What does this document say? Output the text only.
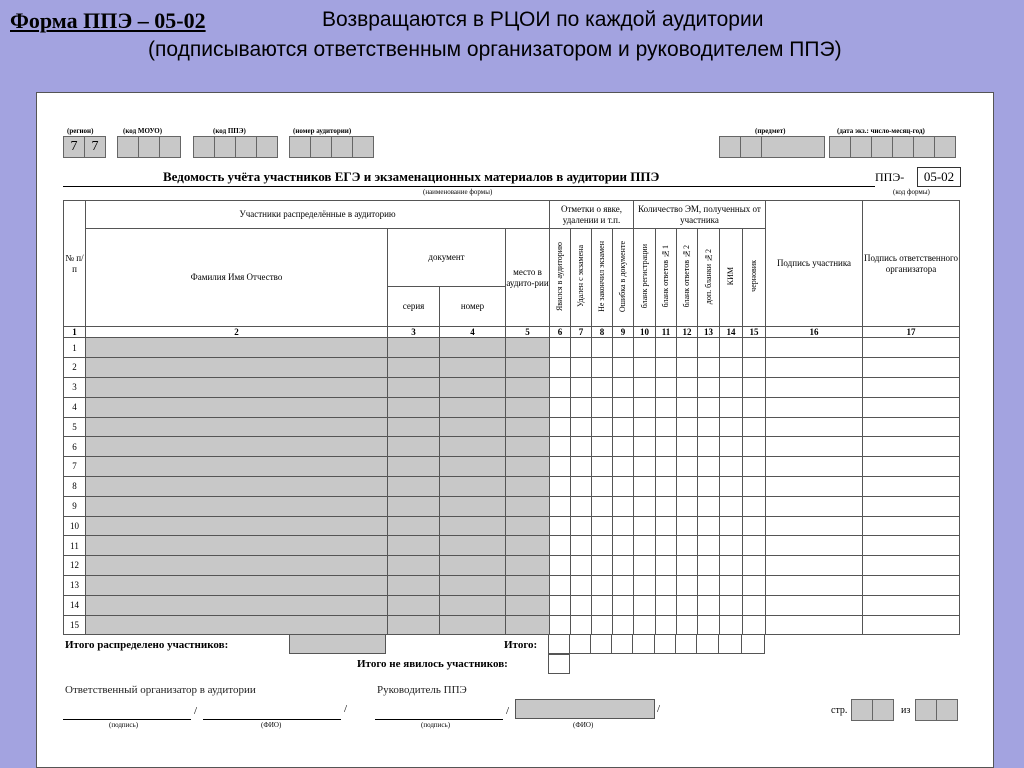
Форма ППЭ – 05-02	Возвращаются в РЦОИ по каждой аудитории
(подписываются ответственным организатором и руководителем ППЭ)
(регион)	(код МОУО)	(код ППЭ)	(номер аудитории)	(предмет)	(дата экз.: число-месяц-год)
7	7
Ведомость учёта участников ЕГЭ и экзаменационных материалов в аудитории ППЭ
(наименование формы)
ППЭ-	05-02
(код формы)
№ п/п	Участники распределённые в аудиторию				Отметки о явке, удалении и т.п.				Количество ЭМ, полученных от участника						Подпись участника	Подпись ответственного организатора
	Фамилия Имя Отчество	документ		место в аудито-рии	Явился в аудиторию	Удален с экзамена	Не закончил экзамен	Ошибка в документе	бланк регистрации	бланк ответов №1	бланк ответов №2	доп. бланки №2	КИМ	черновик		
		серия	номер													
1	2	3	4	5	6	7	8	9	10	11	12	13	14	15	16	17
1																
2																
3																
4																
5																
6																
7																
8																
9																
10																
11																
12																
13																
14																
15																
Итого распределено участников:	Итого:
Итого не явилось участников:
Ответственный организатор в аудитории	Руководитель ППЭ
/	/
(подпись)	(ФИО)
/	/
(подпись)	(ФИО)
стр.	из
